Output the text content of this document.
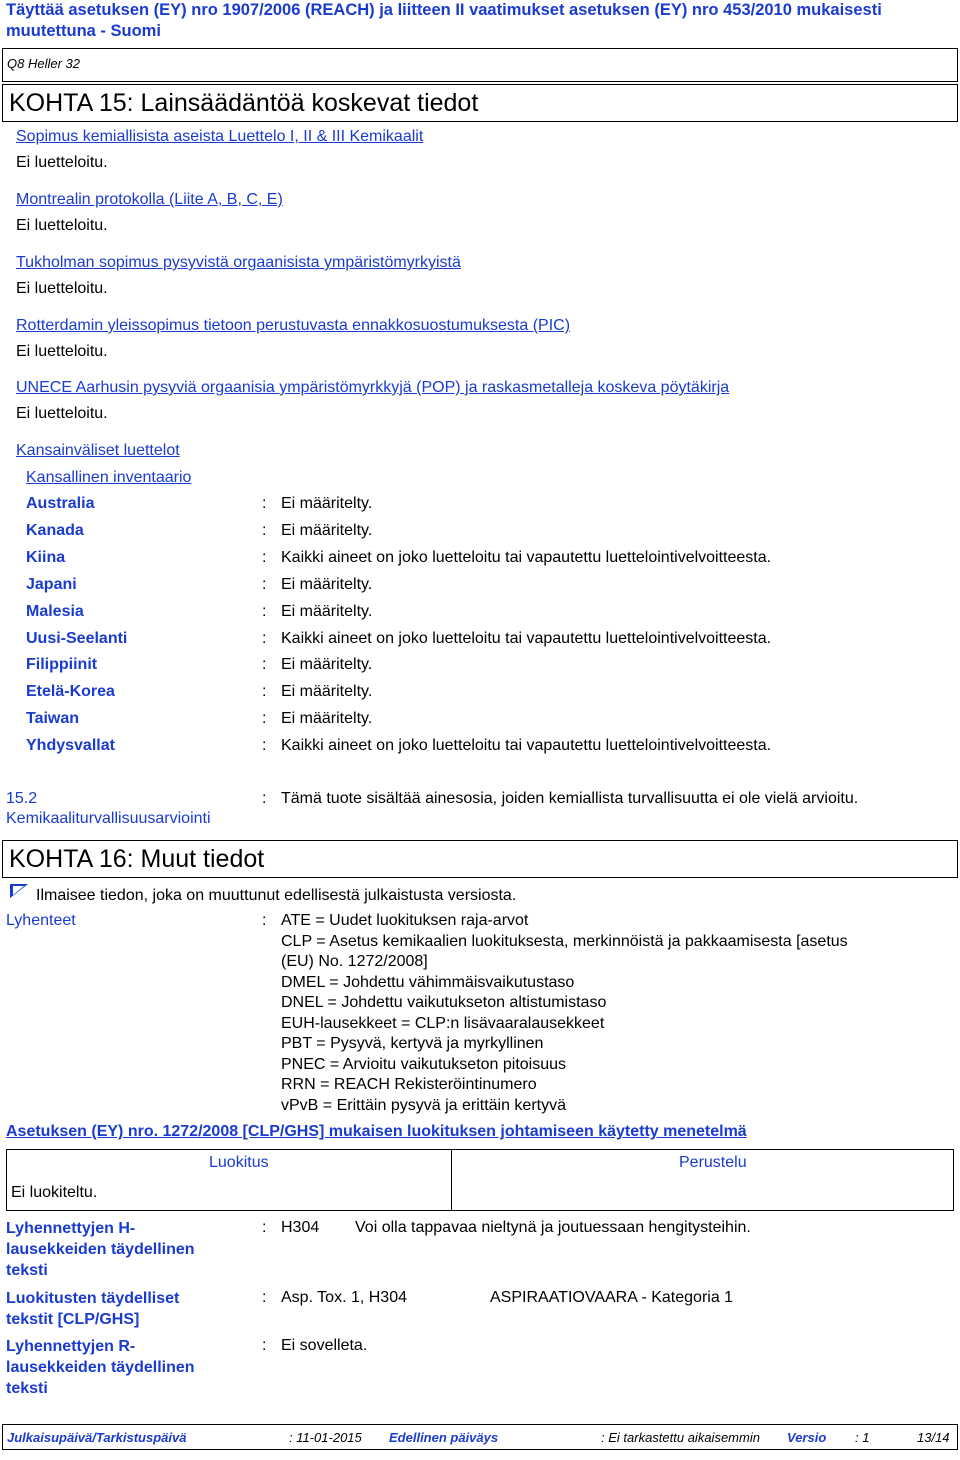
Täyttää asetuksen (EY) nro 1907/2006 (REACH) ja liitteen II vaatimukset asetuksen (EY) nro 453/2010 mukaisesti muutettuna - Suomi
Q8 Heller 32
KOHTA 15: Lainsäädäntöä koskevat tiedot
Sopimus kemiallisista aseista Luettelo I, II & III Kemikaalit
Ei luetteloitu.
Montrealin protokolla (Liite A, B, C, E)
Ei luetteloitu.
Tukholman sopimus pysyvistä orgaanisista ympäristömyrkyistä
Ei luetteloitu.
Rotterdamin yleissopimus tietoon perustuvasta ennakkosuostumuksesta (PIC)
Ei luetteloitu.
UNECE Aarhusin pysyviä orgaanisia ympäristömyrkkyjä (POP) ja raskasmetalleja koskeva pöytäkirja
Ei luetteloitu.
Kansainväliset luettelot
Kansallinen inventaario
Australia	: Ei määritelty.
Kanada	: Ei määritelty.
Kiina	: Kaikki aineet on joko luetteloitu tai vapautettu luettelointivelvoitteesta.
Japani	: Ei määritelty.
Malesia	: Ei määritelty.
Uusi-Seelanti	: Kaikki aineet on joko luetteloitu tai vapautettu luettelointivelvoitteesta.
Filippiinit	: Ei määritelty.
Etelä-Korea	: Ei määritelty.
Taiwan	: Ei määritelty.
Yhdysvallat	: Kaikki aineet on joko luetteloitu tai vapautettu luettelointivelvoitteesta.
15.2
Kemikaaliturvallisuusarviointi
: Tämä tuote sisältää ainesosia, joiden kemiallista turvallisuutta ei ole vielä arvioitu.
KOHTA 16: Muut tiedot
Ilmaisee tiedon, joka on muuttunut edellisestä julkaistusta versiosta.
Lyhenteet	: ATE = Uudet luokituksen raja-arvot
CLP = Asetus kemikaalien luokituksesta, merkinnöistä ja pakkaamisesta [asetus
(EU) No. 1272/2008]
DMEL = Johdettu vähimmäisvaikutustaso
DNEL = Johdettu vaikutukseton altistumistaso
EUH-lausekkeet = CLP:n lisävaaralausekkeet
PBT = Pysyvä, kertyvä ja myrkyllinen
PNEC = Arvioitu vaikutukseton pitoisuus
RRN = REACH Rekisteröintinumero
vPvB = Erittäin pysyvä ja erittäin kertyvä
Asetuksen (EY) nro. 1272/2008 [CLP/GHS] mukaisen luokituksen johtamiseen käytetty menetelmä
Luokitus	Perustelu
Ei luokiteltu.
Lyhennettyjen H-
lausekkeiden täydellinen
teksti
: H304 Voi olla tappavaa nieltynä ja joutuessaan hengitysteihin.
Luokitusten täydelliset
tekstit [CLP/GHS]
: Asp. Tox. 1, H304	ASPIRAATIOVAARA - Kategoria 1
Lyhennettyjen R-
lausekkeiden täydellinen
teksti
: Ei sovelleta.
Julkaisupäivä/Tarkistuspäivä	: 11-01-2015 Edellinen päiväys	: Ei tarkastettu aikaisemmin Versio : 1	13/14
